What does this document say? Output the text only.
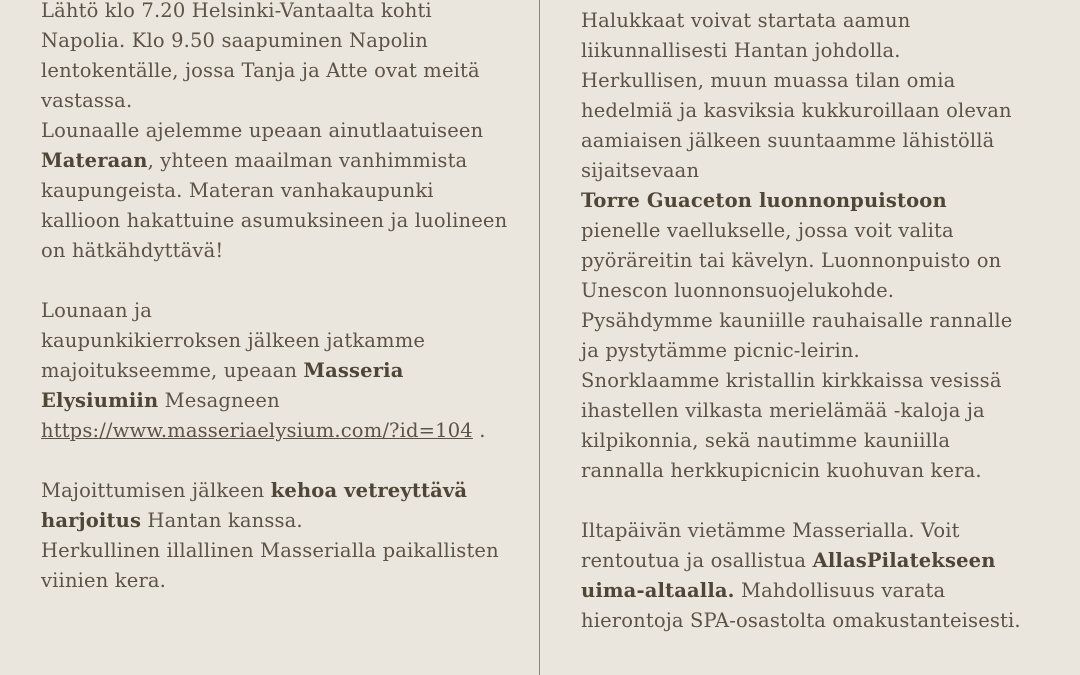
Lähtö klo 7.20 Helsinki-Vantaalta kohti
Napolia. Klo 9.50 saapuminen Napolin
lentokentälle, jossa Tanja ja Atte ovat meitä
vastassa.
Lounaalle ajelemme upeaan ainutlaatuiseen
Materaan, yhteen maailman vanhimmista
kaupungeista. Materan vanhakaupunki
kallioon hakattuine asumuksineen ja luolineen
on hätkähdyttävä!
Lounaan ja
kaupunkikierroksen jälkeen jatkamme
majoitukseemme, upeaan Masseria
Elysiumiin Mesagneen
https://www.masseriaelysium.com/?id=104 .
Majoittumisen jälkeen kehoa vetreyttävä
harjoitus Hantan kanssa.
Herkullinen illallinen Masserialla paikallisten
viinien kera.
Halukkaat voivat startata aamun
liikunnallisesti Hantan johdolla.
Herkullisen, muun muassa tilan omia
hedelmiä ja kasviksia kukkuroillaan olevan
aamiaisen jälkeen suuntaamme lähistöllä
sijaitsevaan
Torre Guaceton luonnonpuistoon
pienelle vaellukselle, jossa voit valita
pyöräreitin tai kävelyn. Luonnonpuisto on
Unescon luonnonsuojelukohde.
Pysähdymme kauniille rauhaisalle rannalle
ja pystytämme picnic-leirin.
Snorklaamme kristallin kirkkaissa vesissä
ihastellen vilkasta merielämää -kaloja ja
kilpikonnia, sekä nautimme kauniilla
rannalla herkkupicnicin kuohuvan kera.
Iltapäivän vietämme Masserialla. Voit
rentoutua ja osallistua AllasPilatekseen
uima-altaalla. Mahdollisuus varata
hierontoja SPA-osastolta omakustanteisesti.
